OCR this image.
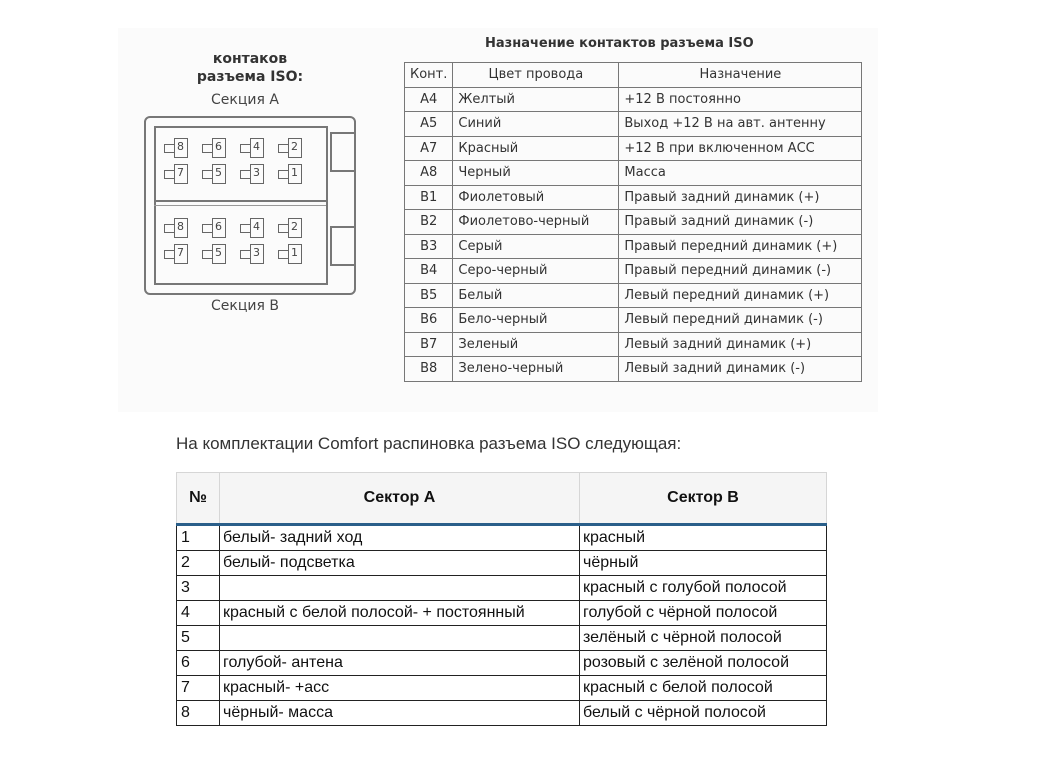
контаков
разъема ISO:
Секция А
8	6	4	2
7	5	3	1
8	6	4	2
7	5	3	1
Секция В
Назначение контактов разъема ISO
Конт.	Цвет провода	Назначение
A4	Желтый	+12 В постоянно
A5	Синий	Выход +12 В на авт. антенну
A7	Красный	+12 В при включенном АСС
A8	Черный	Масса
B1	Фиолетовый	Правый задний динамик (+)
B2	Фиолетово-черный	Правый задний динамик (-)
B3	Серый	Правый передний динамик (+)
B4	Серо-черный	Правый передний динамик (-)
B5	Белый	Левый передний динамик (+)
B6	Бело-черный	Левый передний динамик (-)
B7	Зеленый	Левый задний динамик (+)
B8	Зелено-черный	Левый задний динамик (-)
На комплектации Comfort распиновка разъема ISO следующая:
№	Сектор А	Сектор В
1	белый- задний ход	красный
2	белый- подсветка	чёрный
3		красный с голубой полосой
4	красный с белой полосой- + постоянный	голубой с чёрной полосой
5		зелёный с чёрной полосой
6	голубой- антена	розовый с зелёной полосой
7	красный- +асс	красный с белой полосой
8	чёрный- масса	белый с чёрной полосой
